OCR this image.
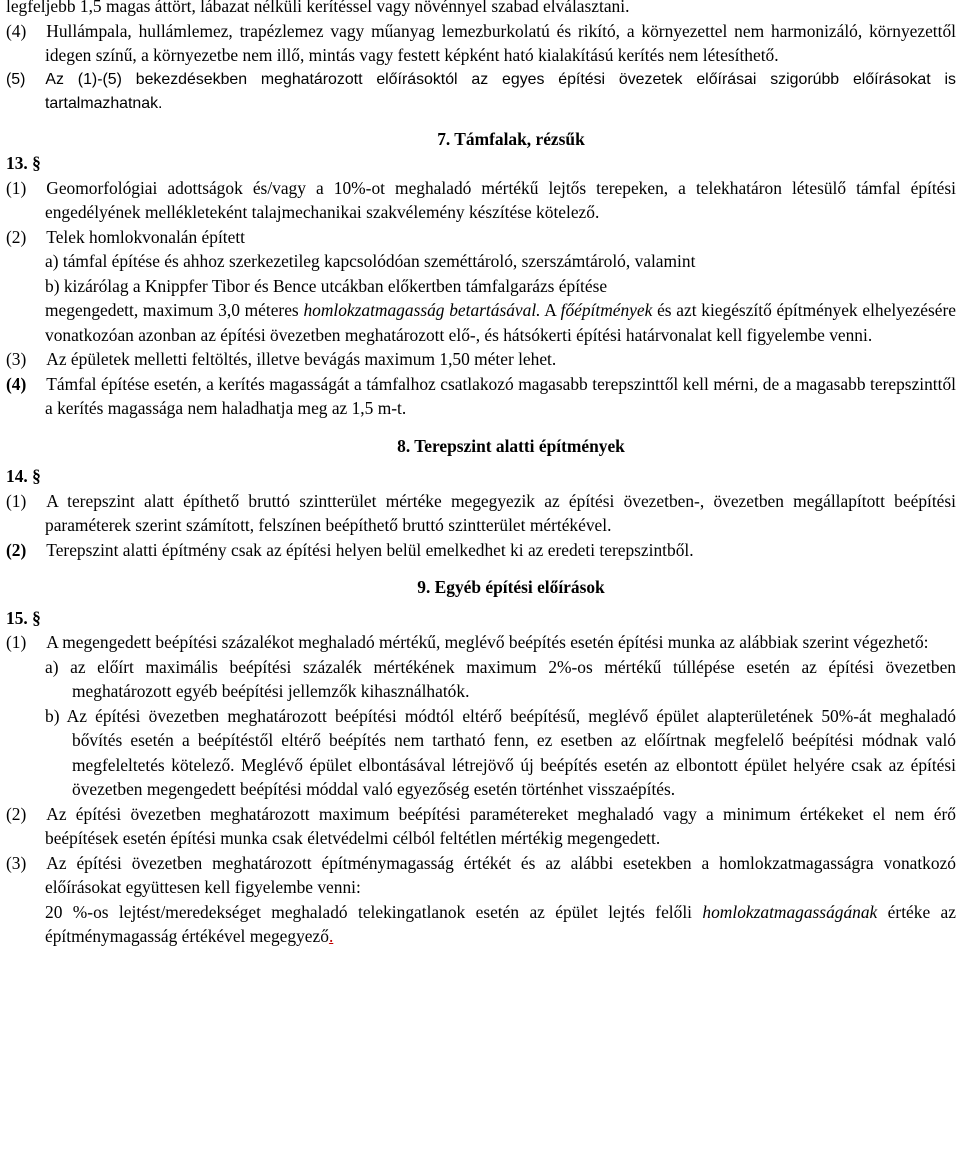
legfeljebb 1,5 magas áttört, lábazat nélküli kerítéssel vagy növénnyel szabad elválasztani.

(4) Hullámpala, hullámlemez, trapézlemez vagy műanyag lemezburkolatú és rikító, a környezettel nem harmonizáló, környezettől idegen színű, a környezetbe nem illő, mintás vagy festett képként ható kialakítású kerítés nem létesíthető.

(5) Az (1)-(5) bekezdésekben meghatározott előírásoktól az egyes építési övezetek előírásai szigorúbb előírásokat is tartalmazhatnak.

7. Támfalak, rézsűk

13. §

(1) Geomorfológiai adottságok és/vagy a 10%-ot meghaladó mértékű lejtős terepeken, a telekhatáron létesülő támfal építési engedélyének mellékleteként talajmechanikai szakvélemény készítése kötelező.

(2) Telek homlokvonalán épített

a) támfal építése és ahhoz szerkezetileg kapcsolódóan szeméttároló, szerszámtároló, valamint

b) kizárólag a Knippfer Tibor és Bence utcákban előkertben támfalgarázs építése

megengedett, maximum 3,0 méteres homlokzatmagasság betartásával. A főépítmények és azt kiegészítő építmények elhelyezésére vonatkozóan azonban az építési övezetben meghatározott elő-, és hátsókerti építési határvonalat kell figyelembe venni.

(3) Az épületek melletti feltöltés, illetve bevágás maximum 1,50 méter lehet.

(4) Támfal építése esetén, a kerítés magasságát a támfalhoz csatlakozó magasabb terepszinttől kell mérni, de a magasabb terepszinttől a kerítés magassága nem haladhatja meg az 1,5 m-t.

8. Terepszint alatti építmények

14. §

(1) A terepszint alatt építhető bruttó szintterület mértéke megegyezik az építési övezetben-, övezetben megállapított beépítési paraméterek szerint számított, felszínen beépíthető bruttó szintterület mértékével.

(2) Terepszint alatti építmény csak az építési helyen belül emelkedhet ki az eredeti terepszintből.

9. Egyéb építési előírások

15. §

(1) A megengedett beépítési százalékot meghaladó mértékű, meglévő beépítés esetén építési munka az alábbiak szerint végezhető:

a) az előírt maximális beépítési százalék mértékének maximum 2%-os mértékű túllépése esetén az építési övezetben meghatározott egyéb beépítési jellemzők kihasználhatók.

b) Az építési övezetben meghatározott beépítési módtól eltérő beépítésű, meglévő épület alapterületének 50%-át meghaladó bővítés esetén a beépítéstől eltérő beépítés nem tartható fenn, ez esetben az előírtnak megfelelő beépítési módnak való megfeleltetés kötelező. Meglévő épület elbontásával létrejövő új beépítés esetén az elbontott épület helyére csak az építési övezetben megengedett beépítési móddal való egyezőség esetén történhet visszaépítés.

(2) Az építési övezetben meghatározott maximum beépítési paramétereket meghaladó vagy a minimum értékeket el nem érő beépítések esetén építési munka csak életvédelmi célból feltétlen mértékig megengedett.

(3) Az építési övezetben meghatározott építménymagasság értékét és az alábbi esetekben a homlokzatmagasságra vonatkozó előírásokat együttesen kell figyelembe venni:

20 %-os lejtést/meredekséget meghaladó telekingatlanok esetén az épület lejtés felőli homlokzatmagasságának értéke az építménymagasság értékével megegyező.
